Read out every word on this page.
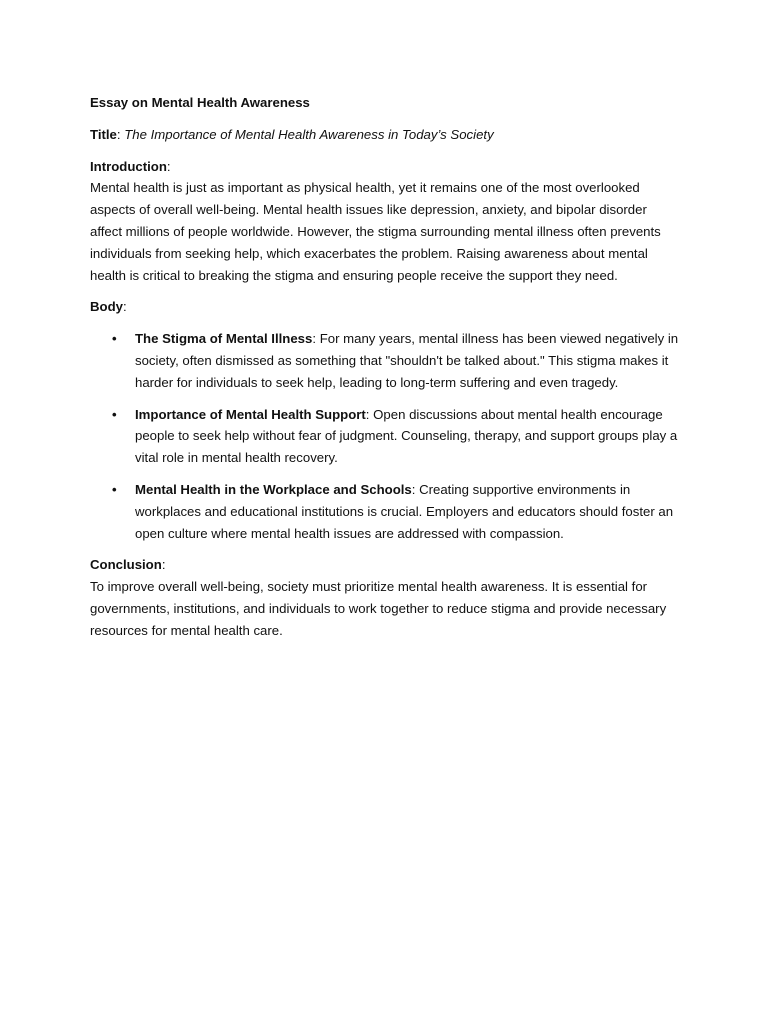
Essay on Mental Health Awareness

Title: The Importance of Mental Health Awareness in Today’s Society

Introduction:

Mental health is just as important as physical health, yet it remains one of the most overlooked aspects of overall well-being. Mental health issues like depression, anxiety, and bipolar disorder affect millions of people worldwide. However, the stigma surrounding mental illness often prevents individuals from seeking help, which exacerbates the problem. Raising awareness about mental health is critical to breaking the stigma and ensuring people receive the support they need.

Body:

• The Stigma of Mental Illness: For many years, mental illness has been viewed negatively in society, often dismissed as something that "shouldn't be talked about." This stigma makes it harder for individuals to seek help, leading to long-term suffering and even tragedy.
• Importance of Mental Health Support: Open discussions about mental health encourage people to seek help without fear of judgment. Counseling, therapy, and support groups play a vital role in mental health recovery.
• Mental Health in the Workplace and Schools: Creating supportive environments in workplaces and educational institutions is crucial. Employers and educators should foster an open culture where mental health issues are addressed with compassion.

Conclusion:

To improve overall well-being, society must prioritize mental health awareness. It is essential for governments, institutions, and individuals to work together to reduce stigma and provide necessary resources for mental health care.
